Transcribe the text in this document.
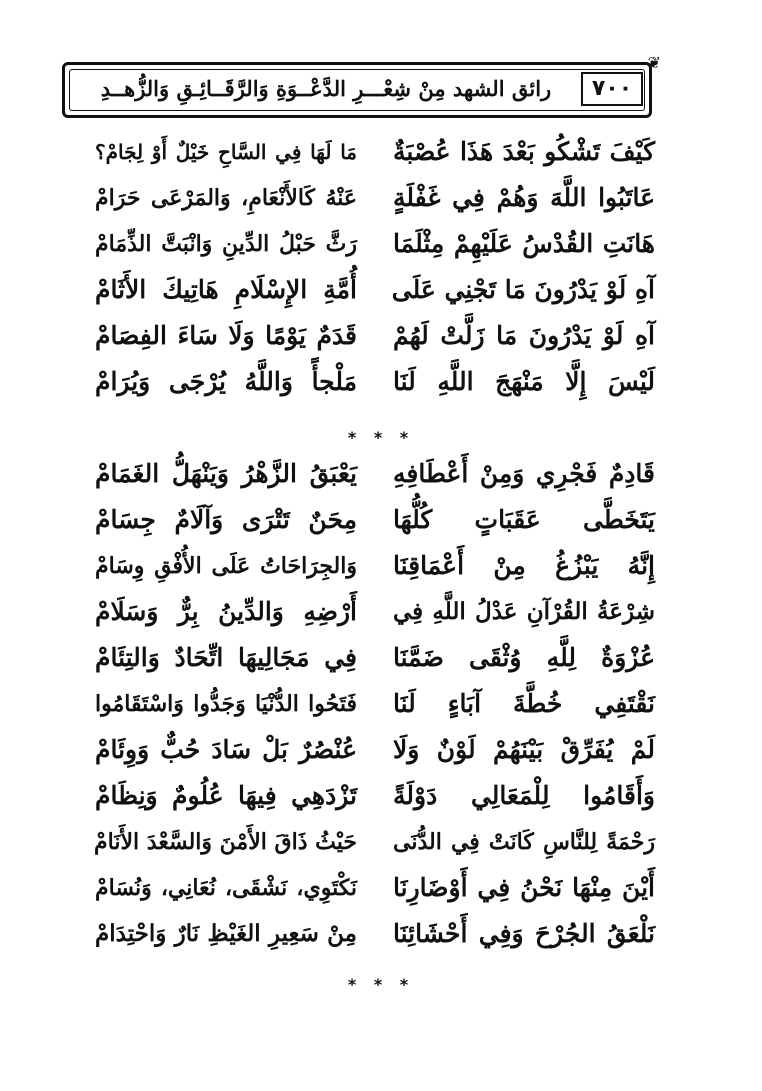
❦
٧٠٠
رائق الشهد مِنْ شِعْـــرِ الدَّعْــوَةِ وَالرَّقَــائِـقِ وَالزُّهــدِ
كَيْفَ تَشْكُو بَعْدَ هَذَا عُصْبَةٌ
مَا لَهَا فِي السَّاحِ خَيْلٌ أَوْ لِجَامْ؟
عَاتَبُوا اللَّهَ وَهُمْ فِي غَفْلَةٍ
عَنْهُ كَالأَنْعَامِ، وَالمَرْعَى حَرَامْ
هَانَتِ القُدْسُ عَلَيْهِمْ مِثْلَمَا
رَثَّ حَبْلُ الدِّينِ وَانْبَتَّ الذِّمَامْ
آهِ لَوْ يَدْرُونَ مَا تَجْنِي عَلَى
أُمَّةِ الإِسْلَامِ هَاتِيكَ الأَثَامْ
آهِ لَوْ يَدْرُونَ مَا زَلَّتْ لَهُمْ
قَدَمٌ يَوْمًا وَلَا سَاءَ الفِصَامْ
لَيْسَ إِلَّا مَنْهَجَ اللَّهِ لَنَا
مَلْجأً وَاللَّهُ يُرْجَى وَيُرَامْ
* * *
قَادِمٌ فَجْرِي وَمِنْ أَعْطَافِهِ
يَعْبَقُ الزَّهْرُ وَيَنْهَلُّ الغَمَامْ
يَتَخَطَّى عَقَبَاتٍ كُلُّهَا
مِحَنٌ تَتْرَى وَآلَامٌ جِسَامْ
إِنَّهُ يَبْزُغُ مِنْ أَعْمَاقِنَا
وَالجِرَاحَاتُ عَلَى الأُفْقِ وِسَامْ
شِرْعَةُ القُرْآنِ عَدْلُ اللَّهِ فِي
أَرْضِهِ وَالدِّينُ بِرٌّ وَسَلَامْ
عُزْوَةٌ لِلَّهِ وُثْقَى ضَمَّنَا
فِي مَجَالِيهَا اتِّحَادٌ وَالتِئَامْ
نَقْتَفِي خُطَّةَ آبَاءٍ لَنَا
فَتَحُوا الدُّنْيَا وَجَدُّوا وَاسْتَقَامُوا
لَمْ يُفَرِّقْ بَيْنَهُمْ لَوْنٌ وَلَا
عُنْصُرٌ بَلْ سَادَ حُبٌّ وَوِئَامْ
وَأَقَامُوا لِلْمَعَالِي دَوْلَةً
تَزْدَهِي فِيهَا عُلُومٌ وَنِظَامْ
رَحْمَةً لِلنَّاسِ كَانَتْ فِي الدُّنَى
حَيْثُ ذَاقَ الأَمْنَ وَالسَّعْدَ الأَنَامْ
أَيْنَ مِنْهَا نَحْنُ فِي أَوْضَارِنَا
نَكْتَوِي، نَشْقَى، نُعَانِي، وَنُسَامْ
نَلْعَقُ الجُرْحَ وَفِي أَحْشَائِنَا
مِنْ سَعِيرِ الغَيْظِ نَارٌ وَاحْتِدَامْ
* * *
